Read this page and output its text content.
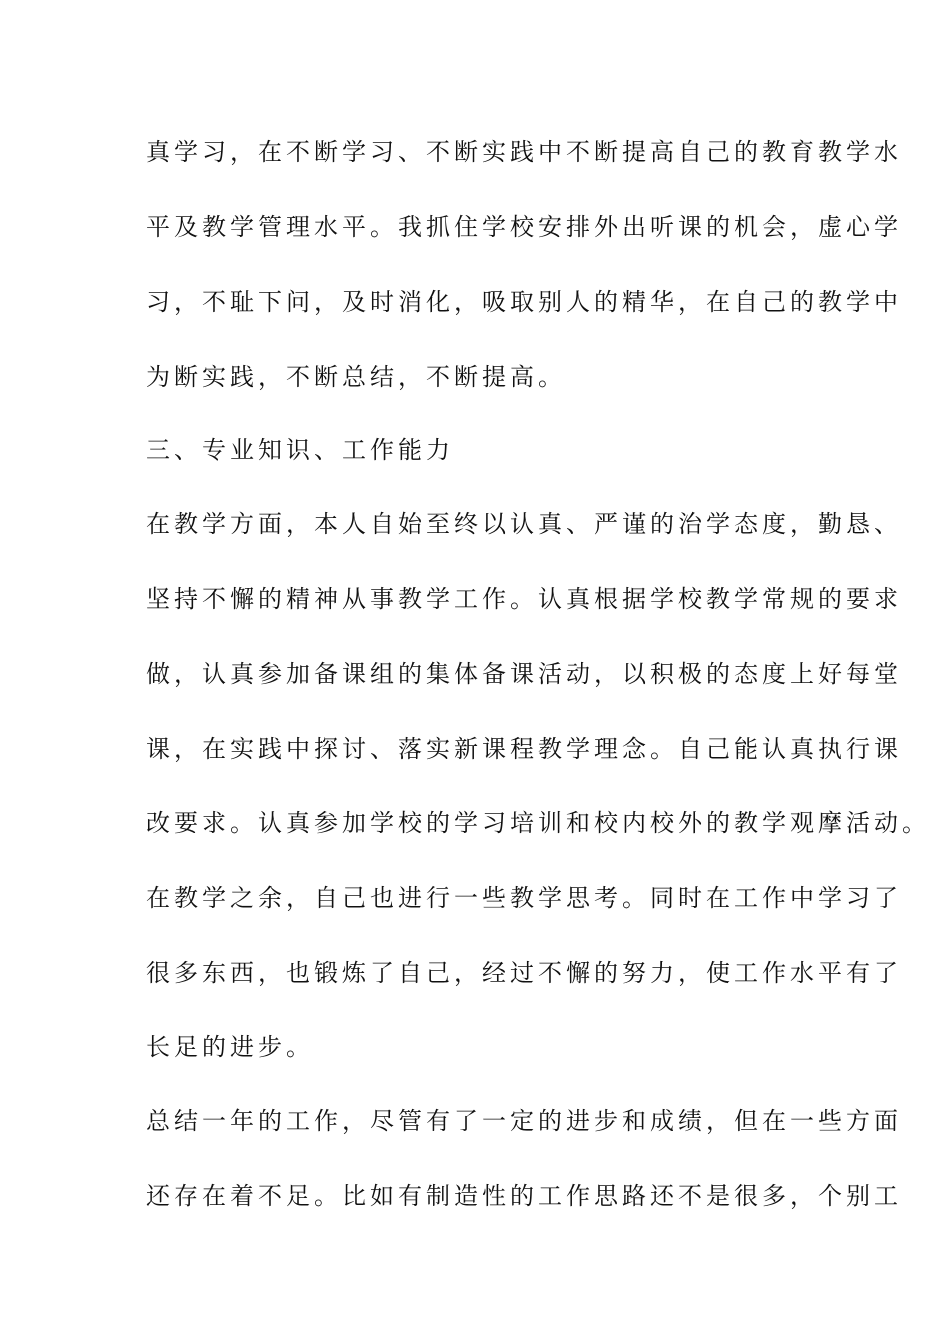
真学习，在不断学习、不断实践中不断提高自己的教育教学水
平及教学管理水平。我抓住学校安排外出听课的机会，虚心学
习，不耻下问，及时消化，吸取别人的精华，在自己的教学中
为断实践，不断总结，不断提高。
三、专业知识、工作能力
在教学方面，本人自始至终以认真、严谨的治学态度，勤恳、
坚持不懈的精神从事教学工作。认真根据学校教学常规的要求
做，认真参加备课组的集体备课活动，以积极的态度上好每堂
课，在实践中探讨、落实新课程教学理念。自己能认真执行课
改要求。认真参加学校的学习培训和校内校外的教学观摩活动。
在教学之余，自己也进行一些教学思考。同时在工作中学习了
很多东西，也锻炼了自己，经过不懈的努力，使工作水平有了
长足的进步。
总结一年的工作，尽管有了一定的进步和成绩，但在一些方面
还存在着不足。比如有制造性的工作思路还不是很多，个别工
